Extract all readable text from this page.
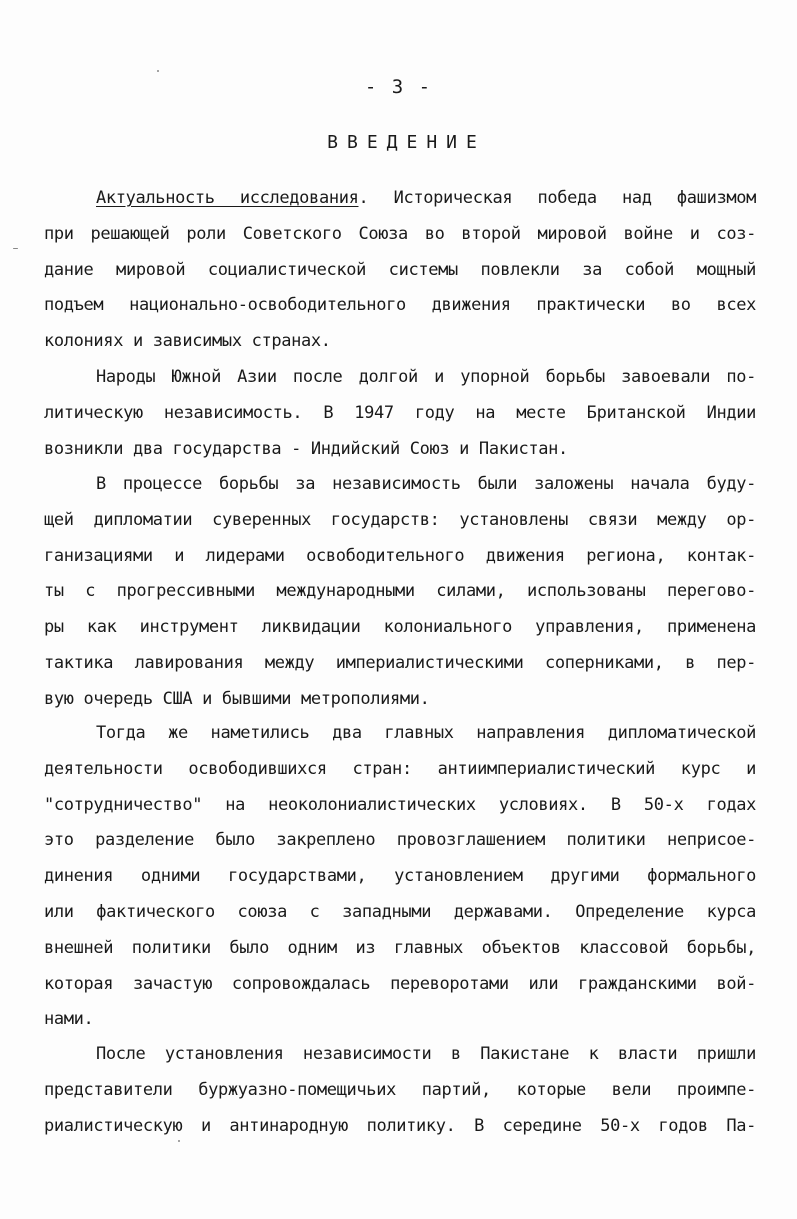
- 3 -
ВВЕДЕНИЕ
Актуальность исследования. Историческая победа над фашизмом
при решающей роли Советского Союза во второй мировой войне и соз-
дание мировой социалистической системы повлекли за собой мощный
подъем национально-освободительного движения практически во всех
колониях и зависимых странах.
Народы Южной Азии после долгой и упорной борьбы завоевали по-
литическую независимость. В 1947 году на месте Британской Индии
возникли два государства - Индийский Союз и Пакистан.
В процессе борьбы за независимость были заложены начала буду-
щей дипломатии суверенных государств: установлены связи между ор-
ганизациями и лидерами освободительного движения региона, контак-
ты с прогрессивными международными силами, использованы перегово-
ры как инструмент ликвидации колониального управления, применена
тактика лавирования между империалистическими соперниками, в пер-
вую очередь США и бывшими метрополиями.
Тогда же наметились два главных направления дипломатической
деятельности освободившихся стран: антиимпериалистический курс и
"сотрудничество" на неоколониалистических условиях. В 50-х годах
это разделение было закреплено провозглашением политики неприсое-
динения одними государствами, установлением другими формального
или фактического союза с западными державами. Определение курса
внешней политики было одним из главных объектов классовой борьбы,
которая зачастую сопровождалась переворотами или гражданскими вой-
нами.
После установления независимости в Пакистане к власти пришли
представители буржуазно-помещичьих партий, которые вели проимпе-
риалистическую и антинародную политику. В середине 50-х годов Па-
